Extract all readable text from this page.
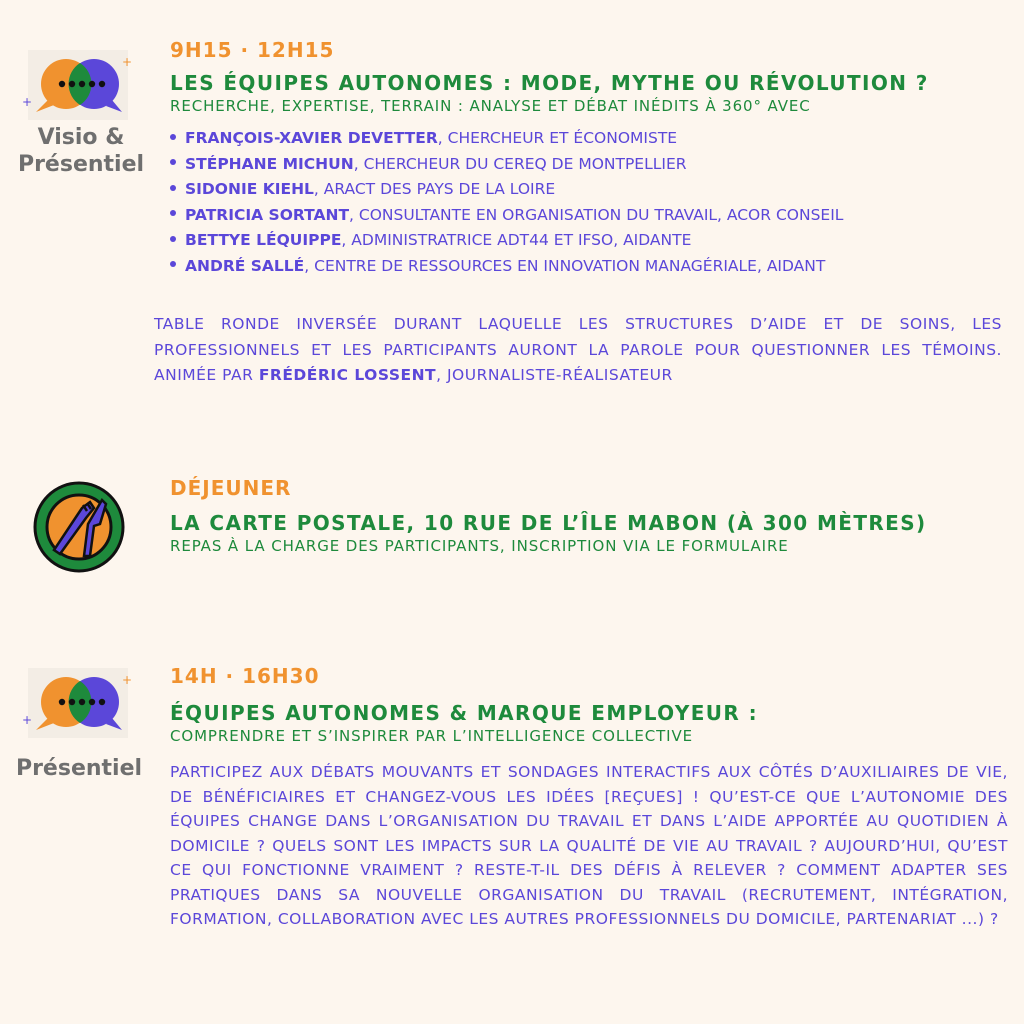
+
+
Visio &
Présentiel

9H15 · 12H15

LES ÉQUIPES AUTONOMES : MODE, MYTHE OU RÉVOLUTION ?

RECHERCHE, EXPERTISE, TERRAIN : ANALYSE ET DÉBAT INÉDITS À 360° AVEC

FRANÇOIS-XAVIER DEVETTER, CHERCHEUR ET ÉCONOMISTE
STÉPHANE MICHUN, CHERCHEUR DU CEREQ DE MONTPELLIER
SIDONIE KIEHL, ARACT DES PAYS DE LA LOIRE
PATRICIA SORTANT, CONSULTANTE EN ORGANISATION DU TRAVAIL, ACOR CONSEIL
BETTYE LÉQUIPPE, ADMINISTRATRICE ADT44 ET IFSO, AIDANTE
ANDRÉ SALLÉ, CENTRE DE RESSOURCES EN INNOVATION MANAGÉRIALE, AIDANT

TABLE RONDE INVERSÉE DURANT LAQUELLE LES STRUCTURES D’AIDE ET DE SOINS, LES PROFESSIONNELS ET LES PARTICIPANTS AURONT LA PAROLE POUR QUESTIONNER LES TÉMOINS. ANIMÉE PAR FRÉDÉRIC LOSSENT, JOURNALISTE-RÉALISATEUR

DÉJEUNER

LA CARTE POSTALE, 10 RUE DE L’ÎLE MABON (À 300 MÈTRES)

REPAS À LA CHARGE DES PARTICIPANTS, INSCRIPTION VIA LE FORMULAIRE

+
+
Présentiel

14H · 16H30

ÉQUIPES AUTONOMES & MARQUE EMPLOYEUR :

COMPRENDRE ET S’INSPIRER PAR L’INTELLIGENCE COLLECTIVE

PARTICIPEZ AUX DÉBATS MOUVANTS ET SONDAGES INTERACTIFS AUX CÔTÉS D’AUXILIAIRES DE VIE, DE BÉNÉFICIAIRES ET CHANGEZ-VOUS LES IDÉES [REÇUES] ! QU’EST-CE QUE L’AUTONOMIE DES ÉQUIPES CHANGE DANS L’ORGANISATION DU TRAVAIL ET DANS L’AIDE APPORTÉE AU QUOTIDIEN À DOMICILE ? QUELS SONT LES IMPACTS SUR LA QUALITÉ DE VIE AU TRAVAIL ? AUJOURD’HUI, QU’EST CE QUI FONCTIONNE VRAIMENT ? RESTE-T-IL DES DÉFIS À RELEVER ? COMMENT ADAPTER SES PRATIQUES DANS SA NOUVELLE ORGANISATION DU TRAVAIL (RECRUTEMENT, INTÉGRATION, FORMATION, COLLABORATION AVEC LES AUTRES PROFESSIONNELS DU DOMICILE, PARTENARIAT ...) ?
